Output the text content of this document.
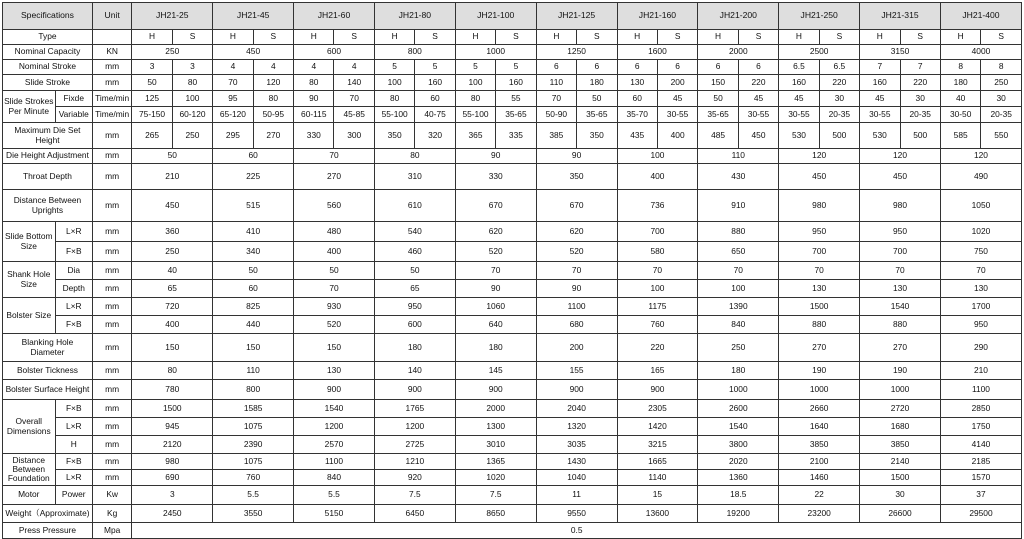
Specifications		Unit	JH21-25		JH21-45		JH21-60		JH21-80		JH21-100		JH21-125		JH21-160		JH21-200		JH21-250		JH21-315		JH21-400	
Type			H	S	H	S	H	S	H	S	H	S	H	S	H	S	H	S	H	S	H	S	H	S
Nominal Capacity		KN	250		450		600		800		1000		1250		1600		2000		2500		3150		4000	
Nominal Stroke		mm	3	3	4	4	4	4	5	5	5	5	6	6	6	6	6	6	6.5	6.5	7	7	8	8
Slide Stroke		mm	50	80	70	120	80	140	100	160	100	160	110	180	130	200	150	220	160	220	160	220	180	250
Slide Strokes Per Minute	Fixde	Time/min	125	100	95	80	90	70	80	60	80	55	70	50	60	45	50	45	45	30	45	30	40	30
	Variable	Time/min	75-150	60-120	65-120	50-95	60-115	45-85	55-100	40-75	55-100	35-65	50-90	35-65	35-70	30-55	35-65	30-55	30-55	20-35	30-55	20-35	30-50	20-35
Maximum Die Set Height		mm	265	250	295	270	330	300	350	320	365	335	385	350	435	400	485	450	530	500	530	500	585	550
Die Height Adjustment		mm	50		60		70		80		90		90		100		110		120		120		120	
Throat Depth		mm	210		225		270		310		330		350		400		430		450		450		490	
Distance Between Uprights		mm	450		515		560		610		670		670		736		910		980		980		1050	
Slide Bottom Size	L×R	mm	360		410		480		540		620		620		700		880		950		950		1020	
	F×B	mm	250		340		400		460		520		520		580		650		700		700		750	
Shank Hole Size	Dia	mm	40		50		50		50		70		70		70		70		70		70		70	
	Depth	mm	65		60		70		65		90		90		100		100		130		130		130	
Bolster Size	L×R	mm	720		825		930		950		1060		1100		1175		1390		1500		1540		1700	
	F×B	mm	400		440		520		600		640		680		760		840		880		880		950	
Blanking Hole Diameter		mm	150		150		150		180		180		200		220		250		270		270		290	
Bolster Tickness		mm	80		110		130		140		145		155		165		180		190		190		210	
Bolster Surface Height		mm	780		800		900		900		900		900		900		1000		1000		1000		1100	
Overall Dimensions	F×B	mm	1500		1585		1540		1765		2000		2040		2305		2600		2660		2720		2850	
	L×R	mm	945		1075		1200		1200		1300		1320		1420		1540		1640		1680		1750	
	H	mm	2120		2390		2570		2725		3010		3035		3215		3800		3850		3850		4140	
Distance Between Foundation	F×B	mm	980		1075		1100		1210		1365		1430		1665		2020		2100		2140		2185	
	L×R	mm	690		760		840		920		1020		1040		1140		1360		1460		1500		1570	
Motor	Power	Kw	3		5.5		5.5		7.5		7.5		11		15		18.5		22		30		37	
Weight（Approximate)		Kg	2450		3550		5150		6450		8650		9550		13600		19200		23200		26600		29500	
Press Pressure		Mpa	0.5																					
